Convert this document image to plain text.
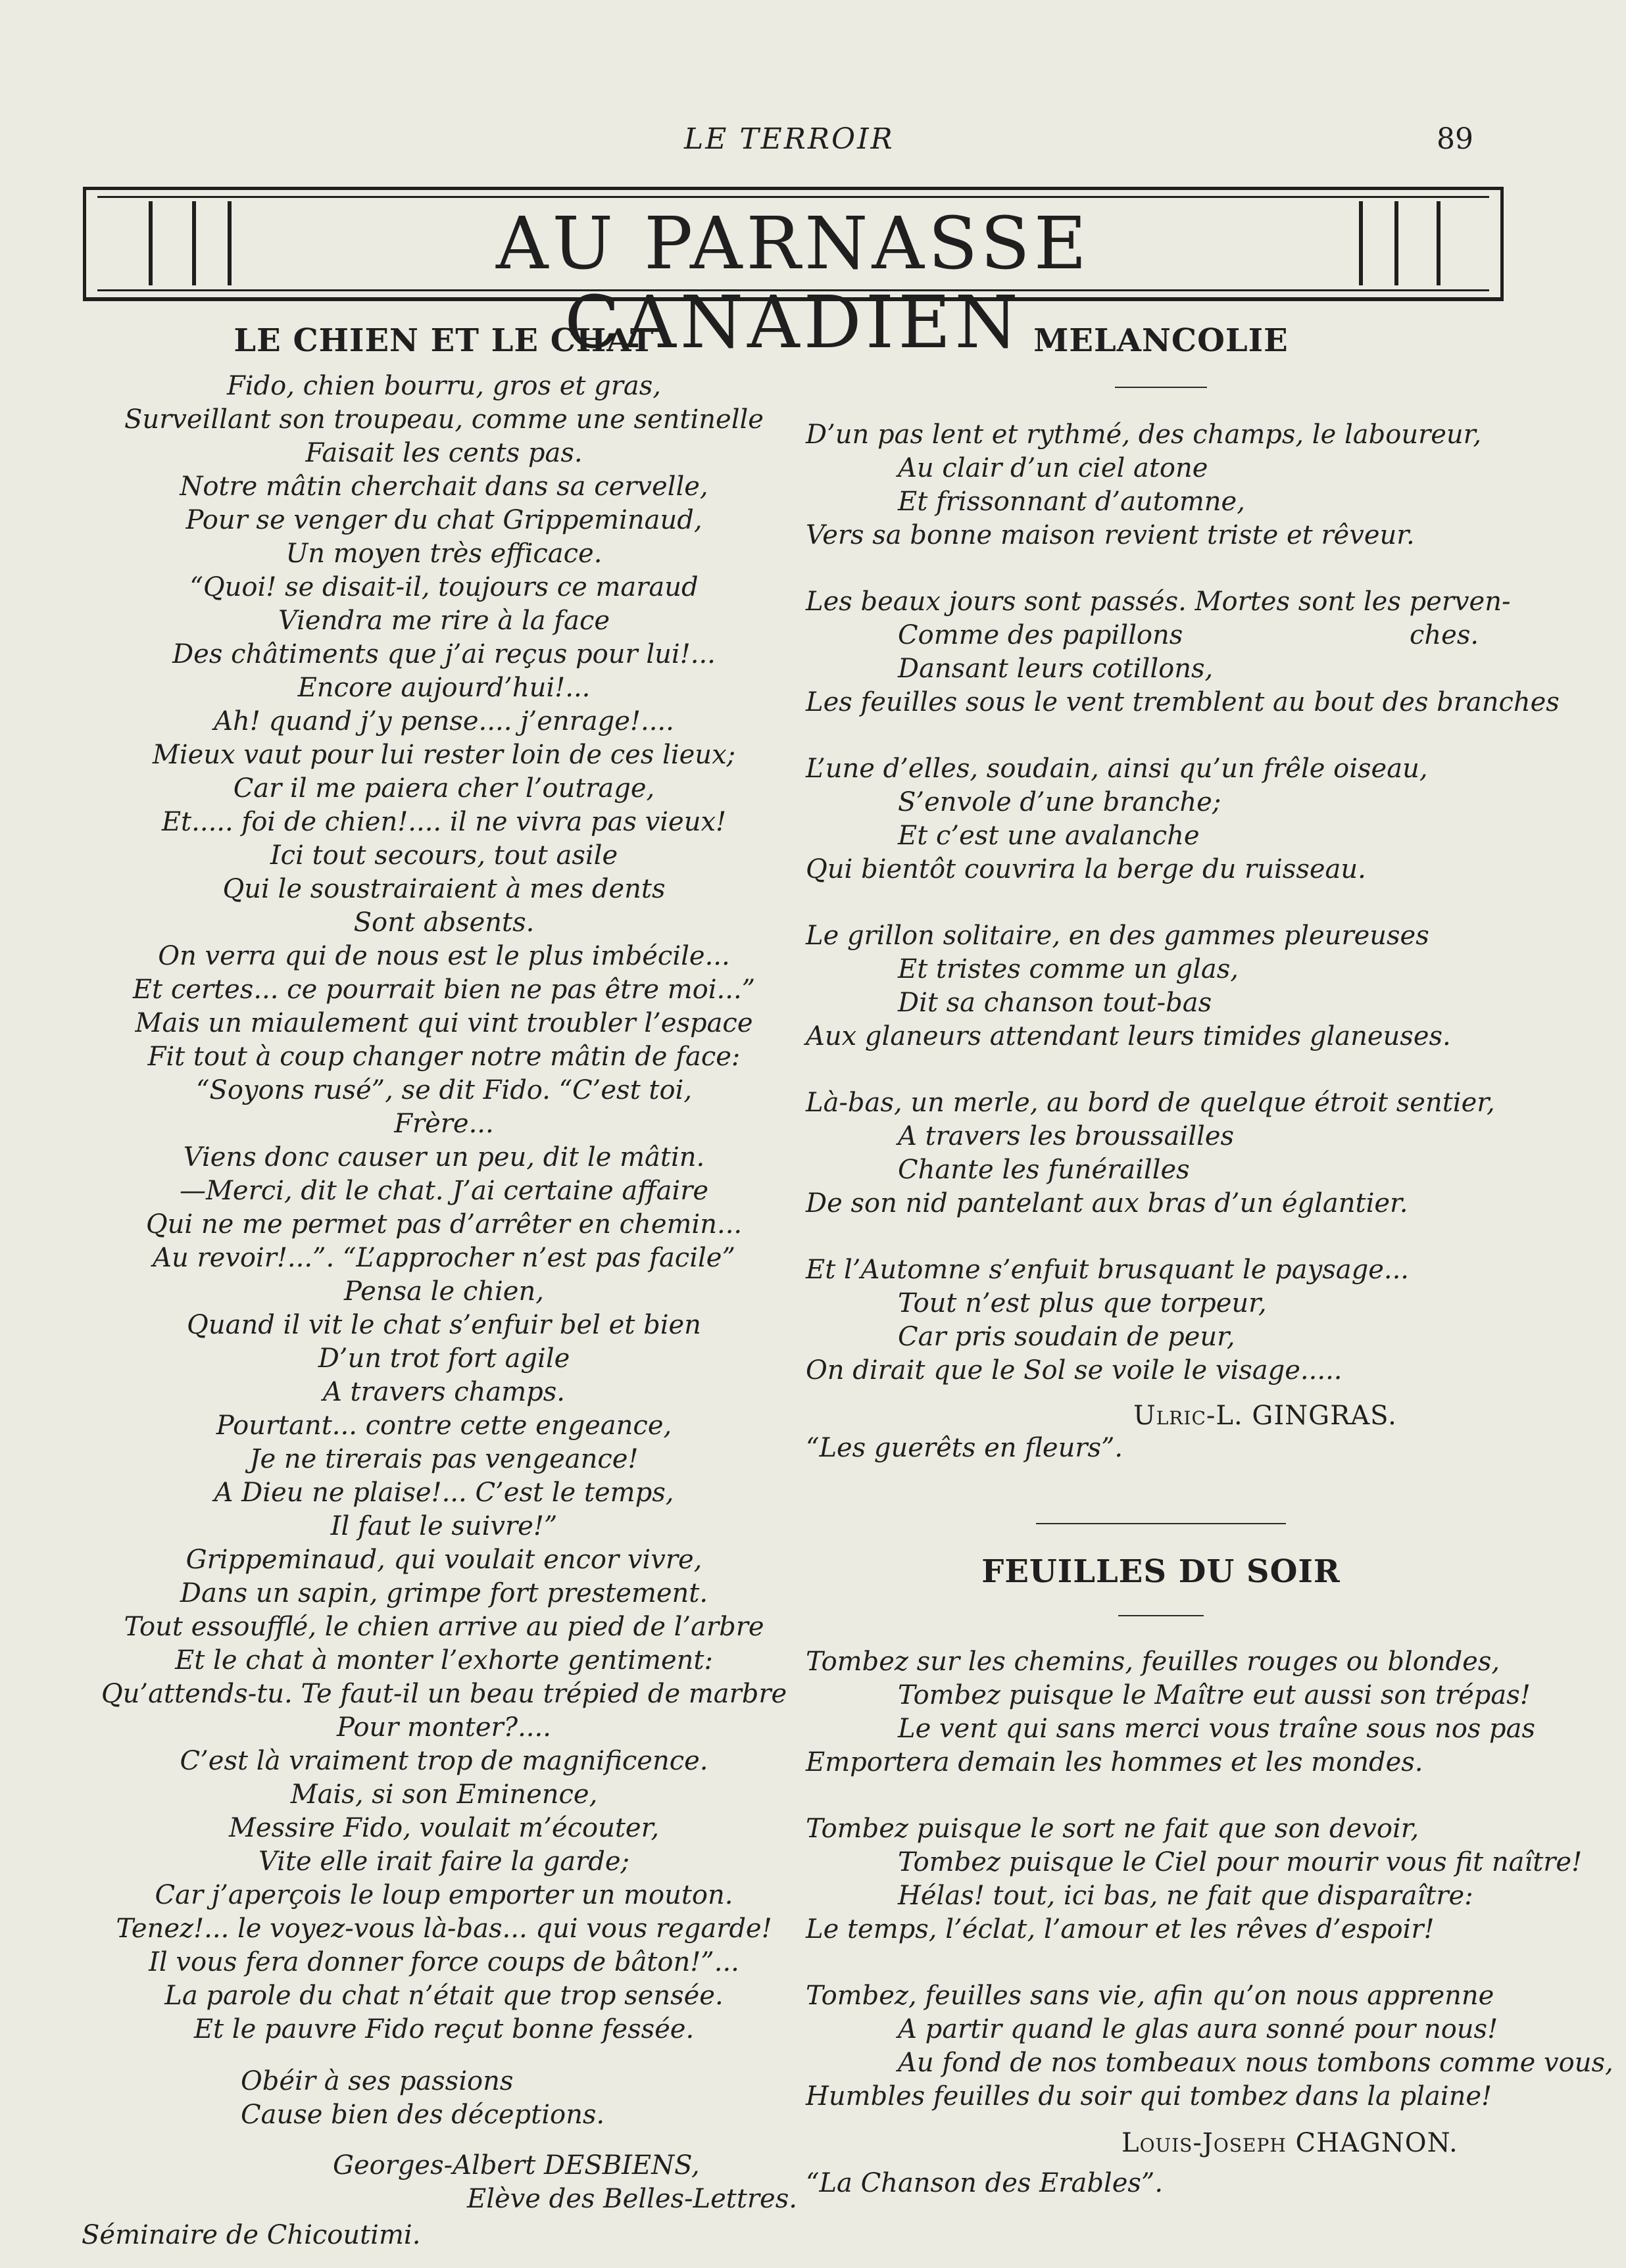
LE TERROIR	89
AU PARNASSE CANADIEN
LE CHIEN ET LE CHAT
Fido, chien bourru, gros et gras,
Surveillant son troupeau, comme une sentinelle
Faisait les cents pas.
Notre mâtin cherchait dans sa cervelle,
Pour se venger du chat Grippeminaud,
Un moyen très efficace.
“Quoi! se disait-il, toujours ce maraud
Viendra me rire à la face
Des châtiments que j’ai reçus pour lui!...
Encore aujourd’hui!...
Ah! quand j’y pense.... j’enrage!....
Mieux vaut pour lui rester loin de ces lieux;
Car il me paiera cher l’outrage,
Et..... foi de chien!.... il ne vivra pas vieux!
Ici tout secours, tout asile
Qui le soustrairaient à mes dents
Sont absents.
On verra qui de nous est le plus imbécile...
Et certes... ce pourrait bien ne pas être moi...”
Mais un miaulement qui vint troubler l’espace
Fit tout à coup changer notre mâtin de face:
“Soyons rusé”, se dit Fido. “C’est toi,
Frère...
Viens donc causer un peu, dit le mâtin.
—Merci, dit le chat. J’ai certaine affaire
Qui ne me permet pas d’arrêter en chemin...
Au revoir!...”. “L’approcher n’est pas facile”
Pensa le chien,
Quand il vit le chat s’enfuir bel et bien
D’un trot fort agile
A travers champs.
Pourtant... contre cette engeance,
Je ne tirerais pas vengeance!
A Dieu ne plaise!... C’est le temps,
Il faut le suivre!”
Grippeminaud, qui voulait encor vivre,
Dans un sapin, grimpe fort prestement.
Tout essoufflé, le chien arrive au pied de l’arbre
Et le chat à monter l’exhorte gentiment:
Qu’attends-tu. Te faut-il un beau trépied de marbre
Pour monter?....
C’est là vraiment trop de magnificence.
Mais, si son Eminence,
Messire Fido, voulait m’écouter,
Vite elle irait faire la garde;
Car j’aperçois le loup emporter un mouton.
Tenez!... le voyez-vous là-bas... qui vous regarde!
Il vous fera donner force coups de bâton!”...
La parole du chat n’était que trop sensée.
Et le pauvre Fido reçut bonne fessée.
Obéir à ses passions
Cause bien des déceptions.
Georges-Albert DESBIENS,
Elève des Belles-Lettres.
Séminaire de Chicoutimi.
MELANCOLIE
D’un pas lent et rythmé, des champs, le laboureur,
Au clair d’un ciel atone
Et frissonnant d’automne,
Vers sa bonne maison revient triste et rêveur.
Les beaux jours sont passés. Mortes sont les perven-
Comme des papillons
Dansant leurs cotillons,
Les feuilles sous le vent tremblent au bout des branches
ches.
L’une d’elles, soudain, ainsi qu’un frêle oiseau,
S’envole d’une branche;
Et c’est une avalanche
Qui bientôt couvrira la berge du ruisseau.
Le grillon solitaire, en des gammes pleureuses
Et tristes comme un glas,
Dit sa chanson tout-bas
Aux glaneurs attendant leurs timides glaneuses.
Là-bas, un merle, au bord de quelque étroit sentier,
A travers les broussailles
Chante les funérailles
De son nid pantelant aux bras d’un églantier.
Et l’Automne s’enfuit brusquant le paysage...
Tout n’est plus que torpeur,
Car pris soudain de peur,
On dirait que le Sol se voile le visage.....
Ulric-L. GINGRAS.
“Les guerêts en fleurs”.
FEUILLES DU SOIR
Tombez sur les chemins, feuilles rouges ou blondes,
Tombez puisque le Maître eut aussi son trépas!
Le vent qui sans merci vous traîne sous nos pas
Emportera demain les hommes et les mondes.
Tombez puisque le sort ne fait que son devoir,
Tombez puisque le Ciel pour mourir vous fit naître!
Hélas! tout, ici bas, ne fait que disparaître:
Le temps, l’éclat, l’amour et les rêves d’espoir!
Tombez, feuilles sans vie, afin qu’on nous apprenne
A partir quand le glas aura sonné pour nous!
Au fond de nos tombeaux nous tombons comme vous,
Humbles feuilles du soir qui tombez dans la plaine!
Louis-Joseph CHAGNON.
“La Chanson des Erables”.
